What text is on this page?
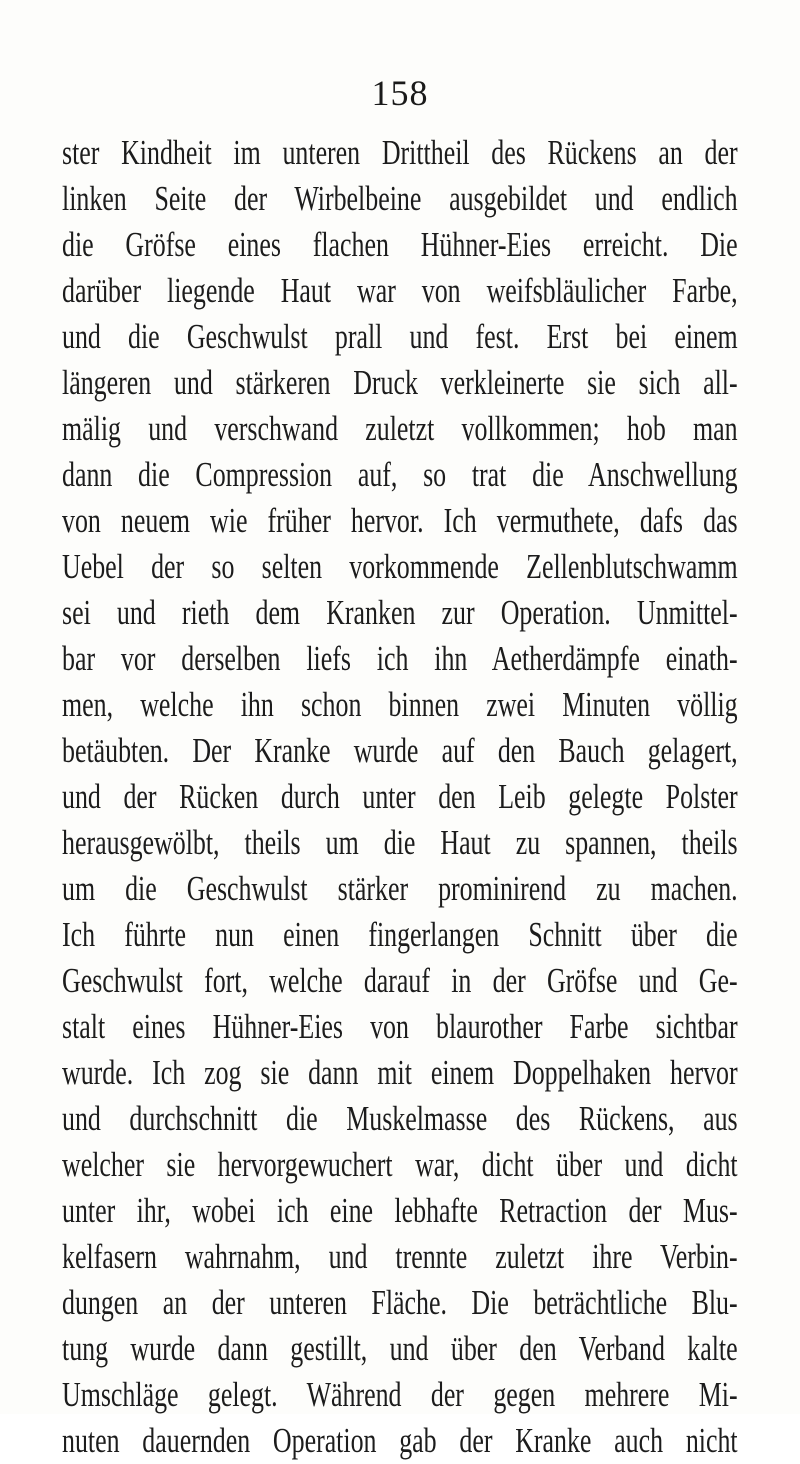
158
ster Kindheit im unteren Drittheil des Rückens an der
linken Seite der Wirbelbeine ausgebildet und endlich
die Gröfse eines flachen Hühner-Eies erreicht. Die
darüber liegende Haut war von weifsbläulicher Farbe,
und die Geschwulst prall und fest. Erst bei einem
längeren und stärkeren Druck verkleinerte sie sich all-
mälig und verschwand zuletzt vollkommen; hob man
dann die Compression auf, so trat die Anschwellung
von neuem wie früher hervor. Ich vermuthete, dafs das
Uebel der so selten vorkommende Zellenblutschwamm
sei und rieth dem Kranken zur Operation. Unmittel-
bar vor derselben liefs ich ihn Aetherdämpfe einath-
men, welche ihn schon binnen zwei Minuten völlig
betäubten. Der Kranke wurde auf den Bauch gelagert,
und der Rücken durch unter den Leib gelegte Polster
herausgewölbt, theils um die Haut zu spannen, theils
um die Geschwulst stärker prominirend zu machen.
Ich führte nun einen fingerlangen Schnitt über die
Geschwulst fort, welche darauf in der Gröfse und Ge-
stalt eines Hühner-Eies von blaurother Farbe sichtbar
wurde. Ich zog sie dann mit einem Doppelhaken hervor
und durchschnitt die Muskelmasse des Rückens, aus
welcher sie hervorgewuchert war, dicht über und dicht
unter ihr, wobei ich eine lebhafte Retraction der Mus-
kelfasern wahrnahm, und trennte zuletzt ihre Verbin-
dungen an der unteren Fläche. Die beträchtliche Blu-
tung wurde dann gestillt, und über den Verband kalte
Umschläge gelegt. Während der gegen mehrere Mi-
nuten dauernden Operation gab der Kranke auch nicht
